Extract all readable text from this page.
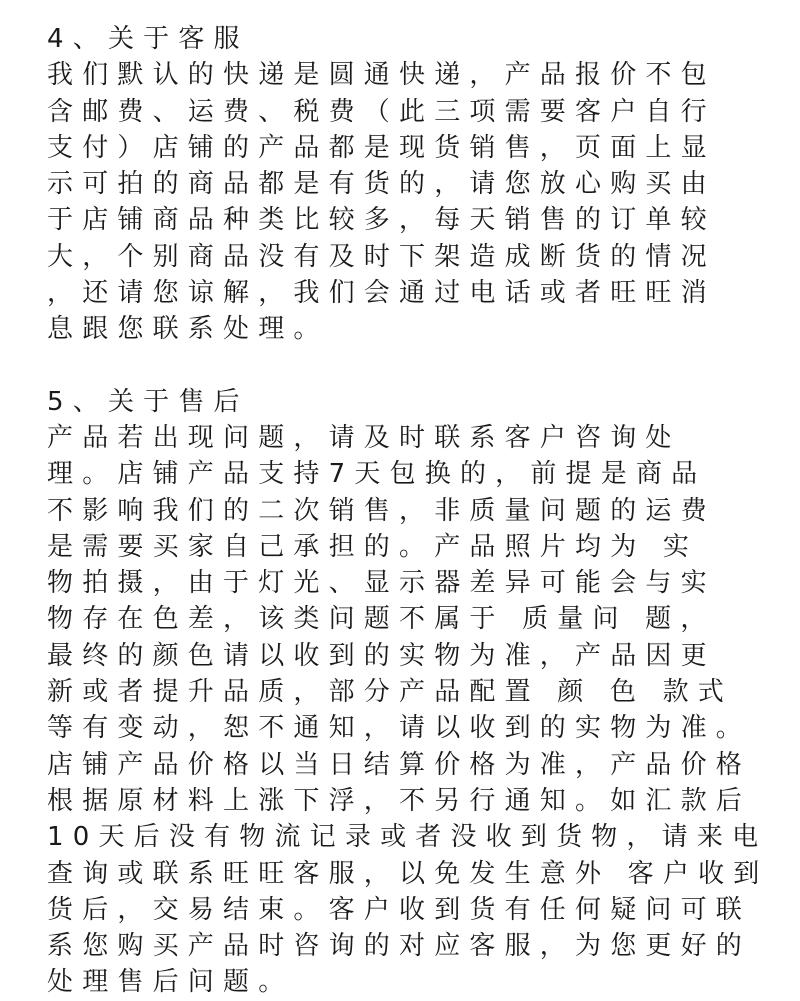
4、关于客服
我们默认的快递是圆通快递，产品报价不包
含邮费、运费、税费（此三项需要客户自行
支付）店铺的产品都是现货销售，页面上显
示可拍的商品都是有货的，请您放心购买由
于店铺商品种类比较多，每天销售的订单较
大，个别商品没有及时下架造成断货的情况
，还请您谅解，我们会通过电话或者旺旺消
息跟您联系处理。
5、关于售后
产品若出现问题，请及时联系客户咨询处
理。店铺产品支持7天包换的，前提是商品
不影响我们的二次销售，非质量问题的运费
是需要买家自己承担的。产品照片均为 实
物拍摄，由于灯光、显示器差异可能会与实
物存在色差，该类问题不属于 质量问 题，
最终的颜色请以收到的实物为准，产品因更
新或者提升品质，部分产品配置 颜 色 款式
等有变动，恕不通知，请以收到的实物为准。
店铺产品价格以当日结算价格为准，产品价格
根据原材料上涨下浮，不另行通知。如汇款后
10天后没有物流记录或者没收到货物，请来电
查询或联系旺旺客服，以免发生意外 客户收到
货后，交易结束。客户收到货有任何疑问可联
系您购买产品时咨询的对应客服，为您更好的
处理售后问题。
